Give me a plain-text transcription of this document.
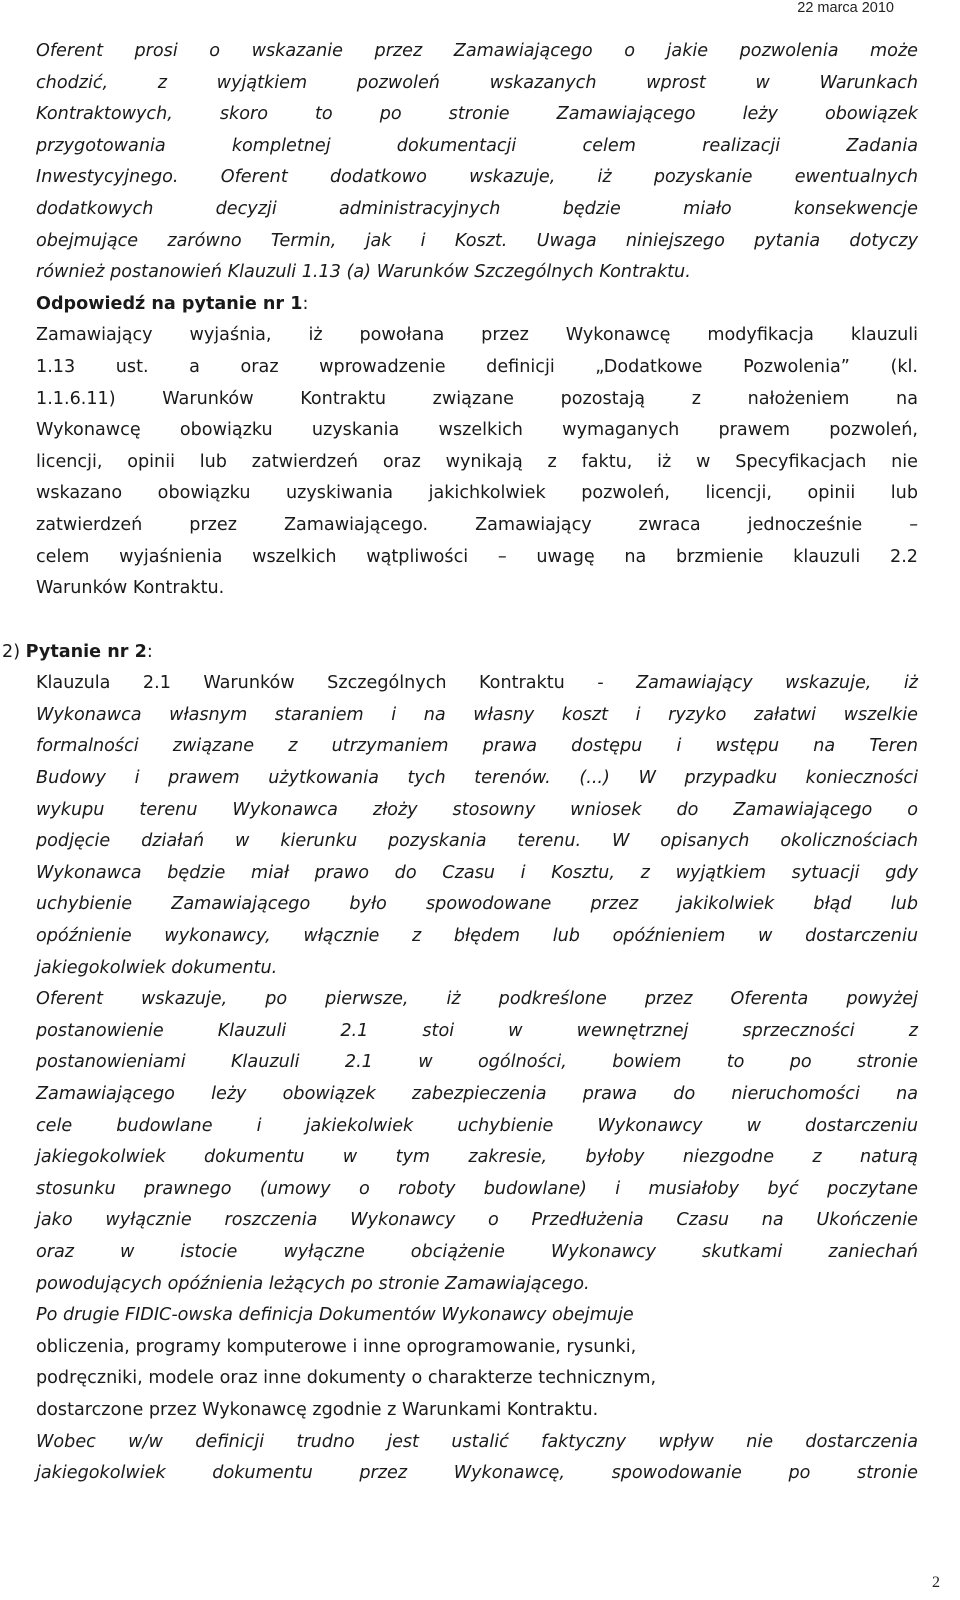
22 marca 2010
Oferent prosi o wskazanie przez Zamawiającego o jakie pozwolenia może
chodzić, z wyjątkiem pozwoleń wskazanych wprost w Warunkach
Kontraktowych, skoro to po stronie Zamawiającego leży obowiązek
przygotowania kompletnej dokumentacji celem realizacji Zadania
Inwestycyjnego. Oferent dodatkowo wskazuje, iż pozyskanie ewentualnych
dodatkowych decyzji administracyjnych będzie miało konsekwencje
obejmujące zarówno Termin, jak i Koszt. Uwaga niniejszego pytania dotyczy
również postanowień Klauzuli 1.13 (a) Warunków Szczególnych Kontraktu.
Odpowiedź na pytanie nr 1:
Zamawiający wyjaśnia, iż powołana przez Wykonawcę modyfikacja klauzuli
1.13 ust. a oraz wprowadzenie definicji „Dodatkowe Pozwolenia” (kl.
1.1.6.11) Warunków Kontraktu związane pozostają z nałożeniem na
Wykonawcę obowiązku uzyskania wszelkich wymaganych prawem pozwoleń,
licencji, opinii lub zatwierdzeń oraz wynikają z faktu, iż w Specyfikacjach nie
wskazano obowiązku uzyskiwania jakichkolwiek pozwoleń, licencji, opinii lub
zatwierdzeń przez Zamawiającego. Zamawiający zwraca jednocześnie –
celem wyjaśnienia wszelkich wątpliwości – uwagę na brzmienie klauzuli 2.2
Warunków Kontraktu.
2) Pytanie nr 2:
Klauzula 2.1 Warunków Szczególnych Kontraktu - Zamawiający wskazuje, iż
Wykonawca własnym staraniem i na własny koszt i ryzyko załatwi wszelkie
formalności związane z utrzymaniem prawa dostępu i wstępu na Teren
Budowy i prawem użytkowania tych terenów. (...) W przypadku konieczności
wykupu terenu Wykonawca złoży stosowny wniosek do Zamawiającego o
podjęcie działań w kierunku pozyskania terenu. W opisanych okolicznościach
Wykonawca będzie miał prawo do Czasu i Kosztu, z wyjątkiem sytuacji gdy
uchybienie Zamawiającego było spowodowane przez jakikolwiek błąd lub
opóźnienie wykonawcy, włącznie z błędem lub opóźnieniem w dostarczeniu
jakiegokolwiek dokumentu.
Oferent wskazuje, po pierwsze, iż podkreślone przez Oferenta powyżej
postanowienie Klauzuli 2.1 stoi w wewnętrznej sprzeczności z
postanowieniami Klauzuli 2.1 w ogólności, bowiem to po stronie
Zamawiającego leży obowiązek zabezpieczenia prawa do nieruchomości na
cele budowlane i jakiekolwiek uchybienie Wykonawcy w dostarczeniu
jakiegokolwiek dokumentu w tym zakresie, byłoby niezgodne z naturą
stosunku prawnego (umowy o roboty budowlane) i musiałoby być poczytane
jako wyłącznie roszczenia Wykonawcy o Przedłużenia Czasu na Ukończenie
oraz w istocie wyłączne obciążenie Wykonawcy skutkami zaniechań
powodujących opóźnienia leżących po stronie Zamawiającego.
Po drugie FIDIC-owska definicja Dokumentów Wykonawcy obejmuje
obliczenia, programy komputerowe i inne oprogramowanie, rysunki,
podręczniki, modele oraz inne dokumenty o charakterze technicznym,
dostarczone przez Wykonawcę zgodnie z Warunkami Kontraktu.
Wobec w/w definicji trudno jest ustalić faktyczny wpływ nie dostarczenia
jakiegokolwiek dokumentu przez Wykonawcę, spowodowanie po stronie
2
